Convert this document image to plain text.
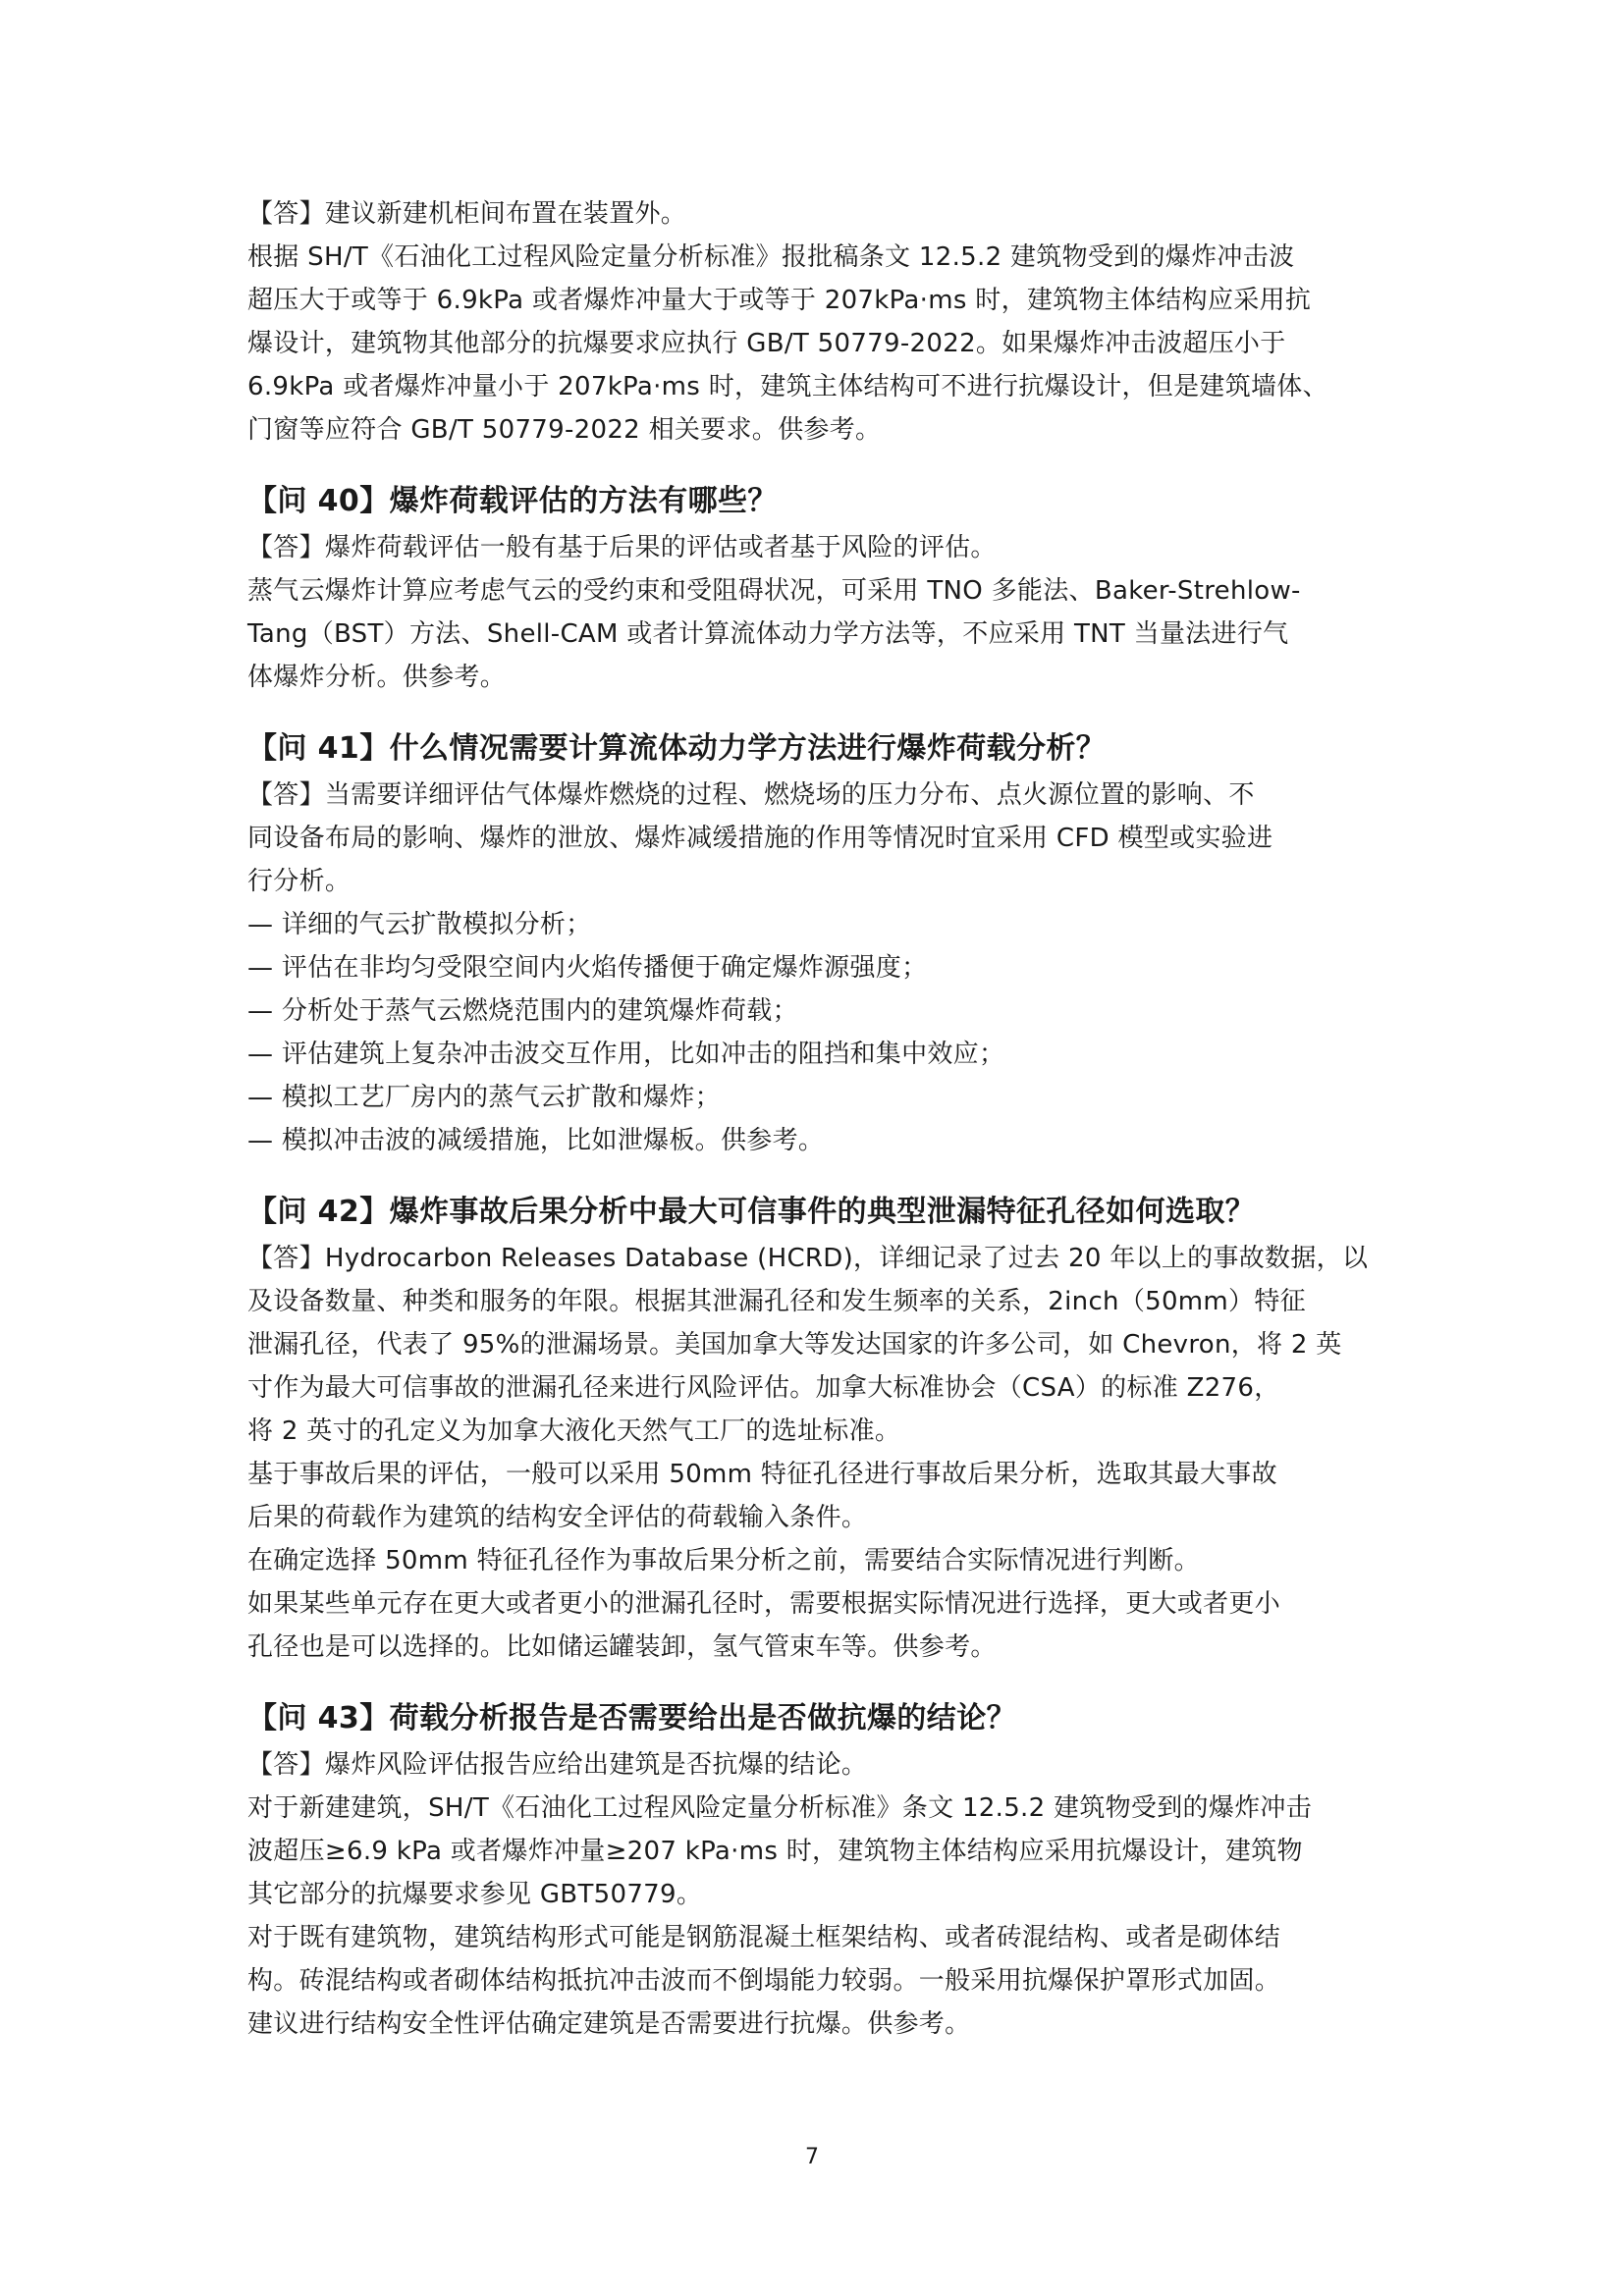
【答】建议新建机柜间布置在装置外。
根据 SH/T《石油化工过程风险定量分析标准》报批稿条文 12.5.2 建筑物受到的爆炸冲击波
超压大于或等于 6.9kPa 或者爆炸冲量大于或等于 207kPa·ms 时，建筑物主体结构应采用抗
爆设计，建筑物其他部分的抗爆要求应执行 GB/T 50779-2022。如果爆炸冲击波超压小于
6.9kPa 或者爆炸冲量小于 207kPa·ms 时，建筑主体结构可不进行抗爆设计，但是建筑墙体、
门窗等应符合 GB/T 50779-2022 相关要求。供参考。
【问 40】爆炸荷载评估的方法有哪些？
【答】爆炸荷载评估一般有基于后果的评估或者基于风险的评估。
蒸气云爆炸计算应考虑气云的受约束和受阻碍状况，可采用 TNO 多能法、Baker-Strehlow-
Tang（BST）方法、Shell-CAM 或者计算流体动力学方法等，不应采用 TNT 当量法进行气
体爆炸分析。供参考。
【问 41】什么情况需要计算流体动力学方法进行爆炸荷载分析？
【答】当需要详细评估气体爆炸燃烧的过程、燃烧场的压力分布、点火源位置的影响、不
同设备布局的影响、爆炸的泄放、爆炸减缓措施的作用等情况时宜采用 CFD 模型或实验进
行分析。
— 详细的气云扩散模拟分析；
— 评估在非均匀受限空间内火焰传播便于确定爆炸源强度；
— 分析处于蒸气云燃烧范围内的建筑爆炸荷载；
— 评估建筑上复杂冲击波交互作用，比如冲击的阻挡和集中效应；
— 模拟工艺厂房内的蒸气云扩散和爆炸；
— 模拟冲击波的减缓措施，比如泄爆板。供参考。
【问 42】爆炸事故后果分析中最大可信事件的典型泄漏特征孔径如何选取？
【答】Hydrocarbon Releases Database (HCRD)，详细记录了过去 20 年以上的事故数据，以
及设备数量、种类和服务的年限。根据其泄漏孔径和发生频率的关系，2inch（50mm）特征
泄漏孔径，代表了 95%的泄漏场景。美国加拿大等发达国家的许多公司，如 Chevron，将 2 英
寸作为最大可信事故的泄漏孔径来进行风险评估。加拿大标准协会（CSA）的标准 Z276，
将 2 英寸的孔定义为加拿大液化天然气工厂的选址标准。
基于事故后果的评估，一般可以采用 50mm 特征孔径进行事故后果分析，选取其最大事故
后果的荷载作为建筑的结构安全评估的荷载输入条件。
在确定选择 50mm 特征孔径作为事故后果分析之前，需要结合实际情况进行判断。
如果某些单元存在更大或者更小的泄漏孔径时，需要根据实际情况进行选择，更大或者更小
孔径也是可以选择的。比如储运罐装卸，氢气管束车等。供参考。
【问 43】荷载分析报告是否需要给出是否做抗爆的结论？
【答】爆炸风险评估报告应给出建筑是否抗爆的结论。
对于新建建筑，SH/T《石油化工过程风险定量分析标准》条文 12.5.2 建筑物受到的爆炸冲击
波超压≥6.9 kPa 或者爆炸冲量≥207 kPa·ms 时，建筑物主体结构应采用抗爆设计，建筑物
其它部分的抗爆要求参见 GBT50779。
对于既有建筑物，建筑结构形式可能是钢筋混凝土框架结构、或者砖混结构、或者是砌体结
构。砖混结构或者砌体结构抵抗冲击波而不倒塌能力较弱。一般采用抗爆保护罩形式加固。
建议进行结构安全性评估确定建筑是否需要进行抗爆。供参考。
7
